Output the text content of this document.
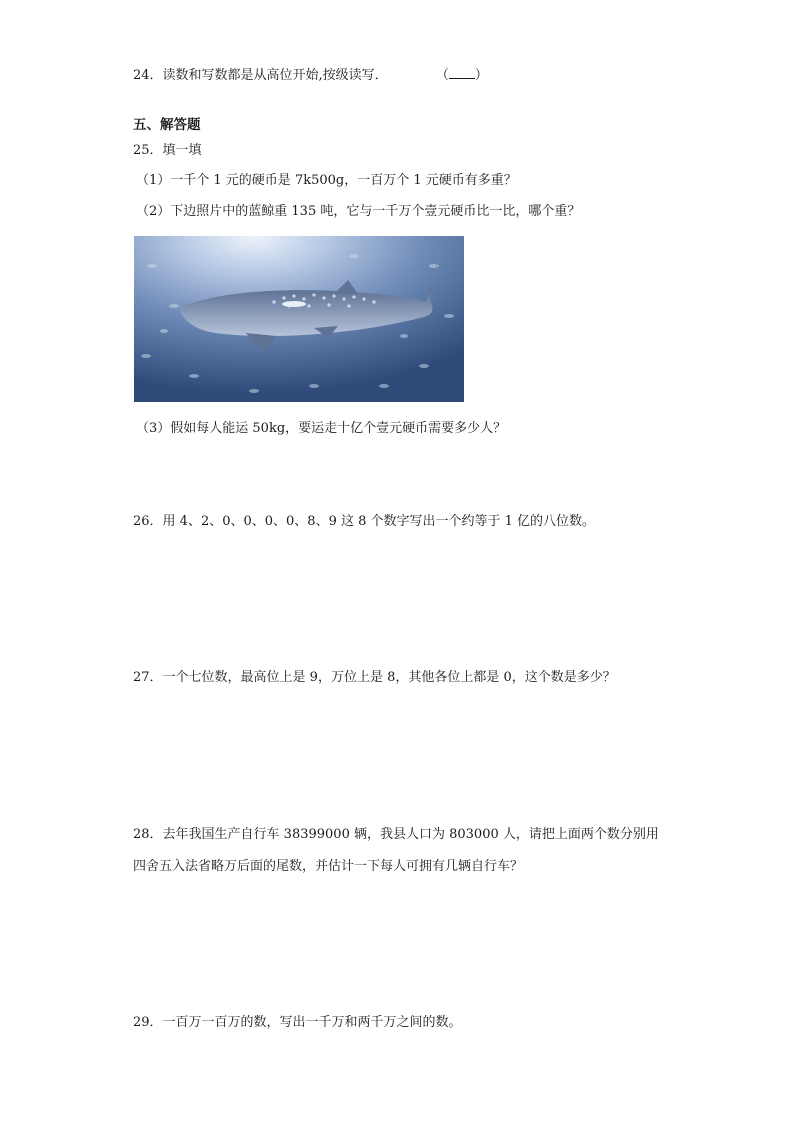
24．读数和写数都是从高位开始,按级读写．	（ ）
五、解答题
25．填一填
（1）一千个 1 元的硬币是 7k500g，一百万个 1 元硬币有多重？
（2）下边照片中的蓝鲸重 135 吨，它与一千万个壹元硬币比一比，哪个重？
（3）假如每人能运 50kg，要运走十亿个壹元硬币需要多少人？
26．用 4、2、0、0、0、0、8、9 这 8 个数字写出一个约等于 1 亿的八位数。
27．一个七位数，最高位上是 9，万位上是 8，其他各位上都是 0，这个数是多少？
28．去年我国生产自行车 38399000 辆，我县人口为 803000 人，请把上面两个数分别用
四舍五入法省略万后面的尾数，并估计一下每人可拥有几辆自行车？
29．一百万一百万的数，写出一千万和两千万之间的数。
